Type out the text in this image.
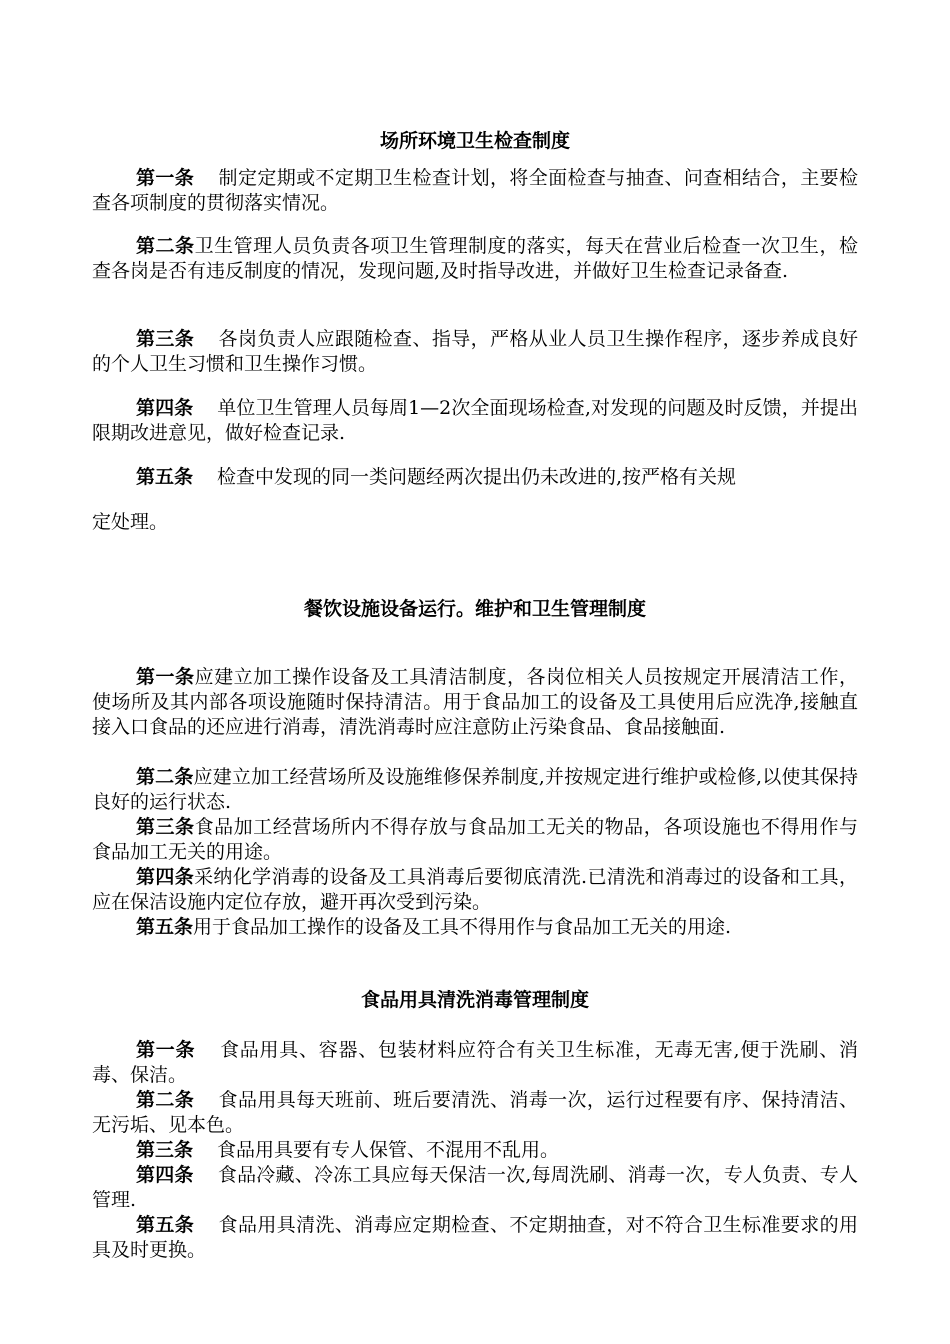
场所环境卫生检查制度
第一条 制定定期或不定期卫生检查计划，将全面检查与抽查、问查相结合，主要检查各项制度的贯彻落实情况。
第二条卫生管理人员负责各项卫生管理制度的落实，每天在营业后检查一次卫生，检查各岗是否有违反制度的情况，发现问题,及时指导改进，并做好卫生检查记录备查.
第三条 各岗负责人应跟随检查、指导，严格从业人员卫生操作程序，逐步养成良好的个人卫生习惯和卫生操作习惯。
第四条 单位卫生管理人员每周1—2次全面现场检查,对发现的问题及时反馈，并提出限期改进意见，做好检查记录.
第五条 检查中发现的同一类问题经两次提出仍未改进的,按严格有关规
定处理。
餐饮设施设备运行。维护和卫生管理制度
第一条应建立加工操作设备及工具清洁制度，各岗位相关人员按规定开展清洁工作，使场所及其内部各项设施随时保持清洁。用于食品加工的设备及工具使用后应洗净,接触直接入口食品的还应进行消毒，清洗消毒时应注意防止污染食品、食品接触面.
第二条应建立加工经营场所及设施维修保养制度,并按规定进行维护或检修,以使其保持良好的运行状态.
第三条食品加工经营场所内不得存放与食品加工无关的物品，各项设施也不得用作与食品加工无关的用途。
第四条采纳化学消毒的设备及工具消毒后要彻底清洗.已清洗和消毒过的设备和工具，应在保洁设施内定位存放，避开再次受到污染。
第五条用于食品加工操作的设备及工具不得用作与食品加工无关的用途.
食品用具清洗消毒管理制度
第一条 食品用具、容器、包装材料应符合有关卫生标准，无毒无害,便于洗刷、消毒、保洁。
第二条 食品用具每天班前、班后要清洗、消毒一次，运行过程要有序、保持清洁、无污垢、见本色。
第三条 食品用具要有专人保管、不混用不乱用。
第四条 食品冷藏、冷冻工具应每天保洁一次,每周洗刷、消毒一次，专人负责、专人管理.
第五条 食品用具清洗、消毒应定期检查、不定期抽查，对不符合卫生标准要求的用具及时更换。
